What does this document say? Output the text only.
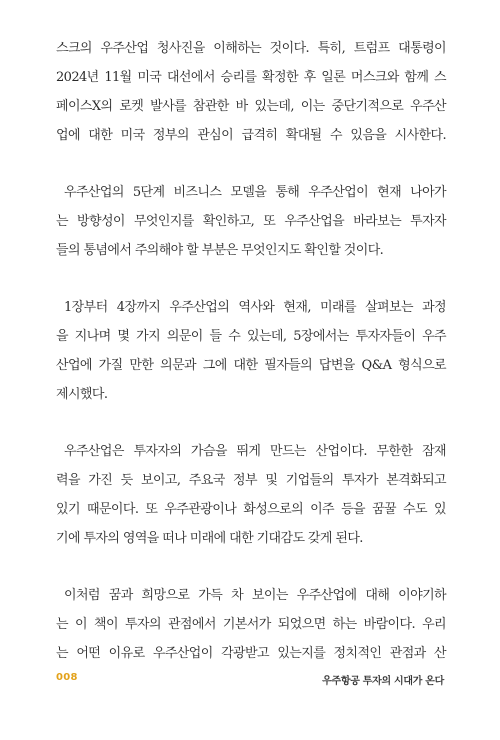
스크의 우주산업 청사진을 이해하는 것이다. 특히, 트럼프 대통령이
2024년 11월 미국 대선에서 승리를 확정한 후 일론 머스크와 함께 스
페이스X의 로켓 발사를 참관한 바 있는데, 이는 중단기적으로 우주산
업에 대한 미국 정부의 관심이 급격히 확대될 수 있음을 시사한다.
우주산업의 5단계 비즈니스 모델을 통해 우주산업이 현재 나아가
는 방향성이 무엇인지를 확인하고, 또 우주산업을 바라보는 투자자
들의 통념에서 주의해야 할 부분은 무엇인지도 확인할 것이다.
1장부터 4장까지 우주산업의 역사와 현재, 미래를 살펴보는 과정
을 지나며 몇 가지 의문이 들 수 있는데, 5장에서는 투자자들이 우주
산업에 가질 만한 의문과 그에 대한 필자들의 답변을 Q&A 형식으로
제시했다.
우주산업은 투자자의 가슴을 뛰게 만드는 산업이다. 무한한 잠재
력을 가진 듯 보이고, 주요국 정부 및 기업들의 투자가 본격화되고
있기 때문이다. 또 우주관광이나 화성으로의 이주 등을 꿈꿀 수도 있
기에 투자의 영역을 떠나 미래에 대한 기대감도 갖게 된다.
이처럼 꿈과 희망으로 가득 차 보이는 우주산업에 대해 이야기하
는 이 책이 투자의 관점에서 기본서가 되었으면 하는 바람이다. 우리
는 어떤 이유로 우주산업이 각광받고 있는지를 정치적인 관점과 산
008	우주항공 투자의 시대가 온다
